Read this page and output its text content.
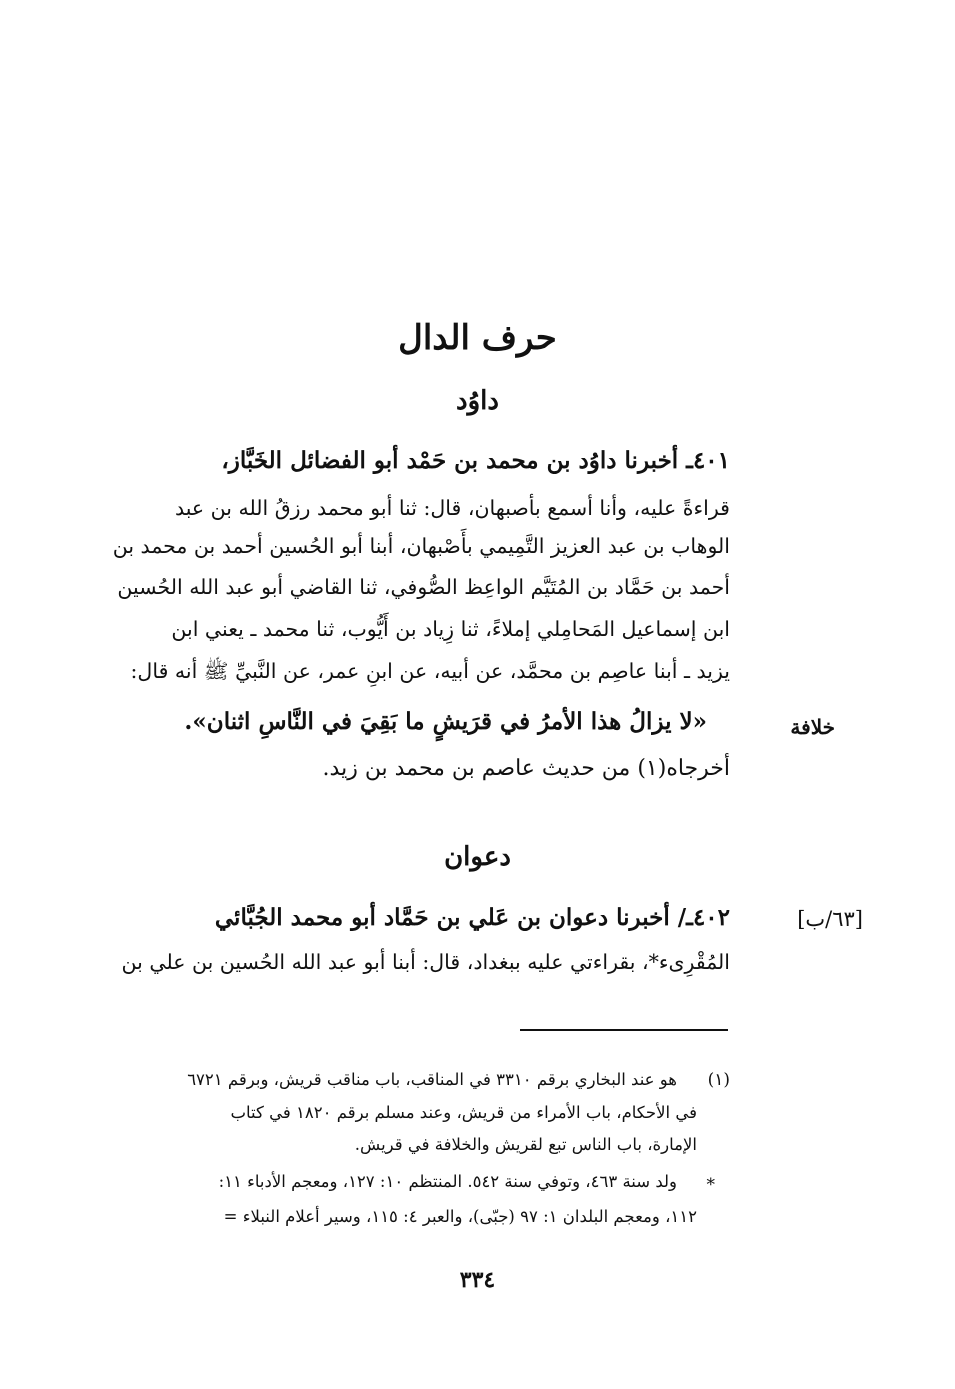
حرف الدال
داوُد
٤٠١ـ أخبرنا داوُد بن محمد بن حَمْد أبو الفضائل الخَبَّاز،
قراءةً عليه، وأنا أسمع بأصبهان، قال: ثنا أبو محمد رزقُ الله بن عبد
الوهاب بن عبد العزيز التَّمِيمي بأَصْبهان، أبنا أبو الحُسين أحمد بن محمد بن
أحمد بن حَمَّاد بن المُتَيَّم الواعِظ الصُّوفي، ثنا القاضي أبو عبد الله الحُسين
ابن إسماعيل المَحامِلي إملاءً، ثنا زِياد بن أَيُّوب، ثنا محمد ـ يعني ابن
يزيد ـ أبنا عاصِم بن محمَّد، عن أبيه، عن ابنِ عمر، عن النَّبيِّ ﷺ أنه قال:
«لا يزالُ هذا الأمرُ في قرَيشٍ ما بَقِيَ في النَّاسِ اثنان».
أخرجاه(١) من حديث عاصم بن محمد بن زيد.
خلافة
دعوان
٤٠٢ـ/ أخبرنا دعوان بن عَلي بن حَمَّاد أبو محمد الجُبَّائي
المُقْرِىء*، بقراءتي عليه ببغداد، قال: أبنا أبو عبد الله الحُسين بن علي بن
[٦٣/ب]
(١)
هو عند البخاري برقم ٣٣١٠ في المناقب، باب مناقب قريش، وبرقم ٦٧٢١
في الأحكام، باب الأمراء من قريش، وعند مسلم برقم ١٨٢٠ في كتاب
الإمارة، باب الناس تبع لقريش والخلافة في قريش.
*
ولد سنة ٤٦٣، وتوفي سنة ٥٤٢. المنتظم ١٠: ١٢٧، ومعجم الأدباء ١١:
١١٢، ومعجم البلدان ١: ٩٧ (جبّى)، والعبر ٤: ١١٥، وسير أعلام النبلاء =
٣٣٤
